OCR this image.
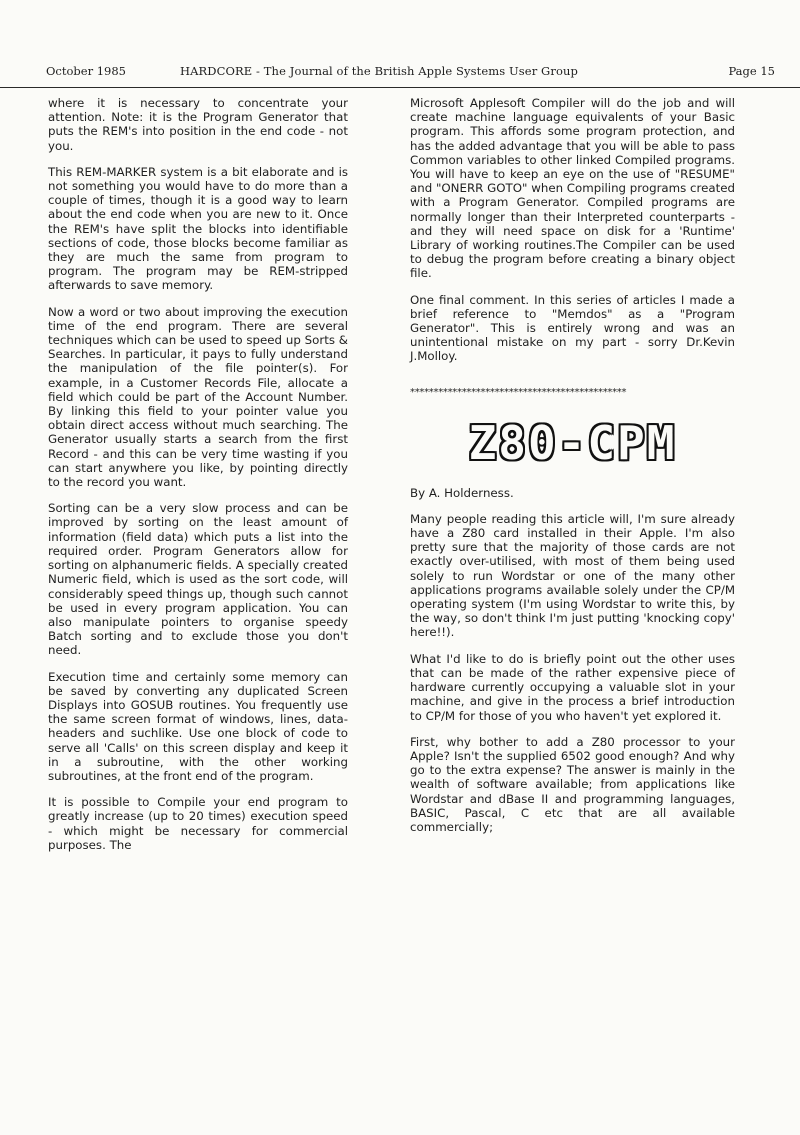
October 1985	HARDCORE - The Journal of the British Apple Systems User Group	Page 15

where it is necessary to concentrate your attention. Note: it is the Program Generator that puts the REM's into position in the end code - not you.

This REM-MARKER system is a bit elaborate and is not something you would have to do more than a couple of times, though it is a good way to learn about the end code when you are new to it. Once the REM's have split the blocks into identifiable sections of code, those blocks become familiar as they are much the same from program to program. The program may be REM-stripped afterwards to save memory.

Now a word or two about improving the execution time of the end program. There are several techniques which can be used to speed up Sorts & Searches. In particular, it pays to fully understand the manipulation of the file pointer(s). For example, in a Customer Records File, allocate a field which could be part of the Account Number. By linking this field to your pointer value you obtain direct access without much searching. The Generator usually starts a search from the first Record - and this can be very time wasting if you can start anywhere you like, by pointing directly to the record you want.

Sorting can be a very slow process and can be improved by sorting on the least amount of information (field data) which puts a list into the required order. Program Generators allow for sorting on alphanumeric fields. A specially created Numeric field, which is used as the sort code, will considerably speed things up, though such cannot be used in every program application. You can also manipulate pointers to organise speedy Batch sorting and to exclude those you don't need.

Execution time and certainly some memory can be saved by converting any duplicated Screen Displays into GOSUB routines. You frequently use the same screen format of windows, lines, data-headers and suchlike. Use one block of code to serve all 'Calls' on this screen display and keep it in a subroutine, with the other working subroutines, at the front end of the program.

It is possible to Compile your end program to greatly increase (up to 20 times) execution speed - which might be necessary for commercial purposes. The

Microsoft Applesoft Compiler will do the job and will create machine language equivalents of your Basic program. This affords some program protection, and has the added advantage that you will be able to pass Common variables to other linked Compiled programs. You will have to keep an eye on the use of "RESUME" and "ONERR GOTO" when Compiling programs created with a Program Generator. Compiled programs are normally longer than their Interpreted counterparts - and they will need space on disk for a 'Runtime' Library of working routines.The Compiler can be used to debug the program before creating a binary object file.

One final comment. In this series of articles I made a brief reference to "Memdos" as a "Program Generator". This is entirely wrong and was an unintentional mistake on my part - sorry Dr.Kevin J.Molloy.

**********************************************
Z80-CPM

By A. Holderness.

Many people reading this article will, I'm sure already have a Z80 card installed in their Apple. I'm also pretty sure that the majority of those cards are not exactly over-utilised, with most of them being used solely to run Wordstar or one of the many other applications programs available solely under the CP/M operating system (I'm using Wordstar to write this, by the way, so don't think I'm just putting 'knocking copy' here!!).

What I'd like to do is briefly point out the other uses that can be made of the rather expensive piece of hardware currently occupying a valuable slot in your machine, and give in the process a brief introduction to CP/M for those of you who haven't yet explored it.

First, why bother to add a Z80 processor to your Apple? Isn't the supplied 6502 good enough? And why go to the extra expense? The answer is mainly in the wealth of software available; from applications like Wordstar and dBase II and programming languages, BASIC, Pascal, C etc that are all available commercially;
